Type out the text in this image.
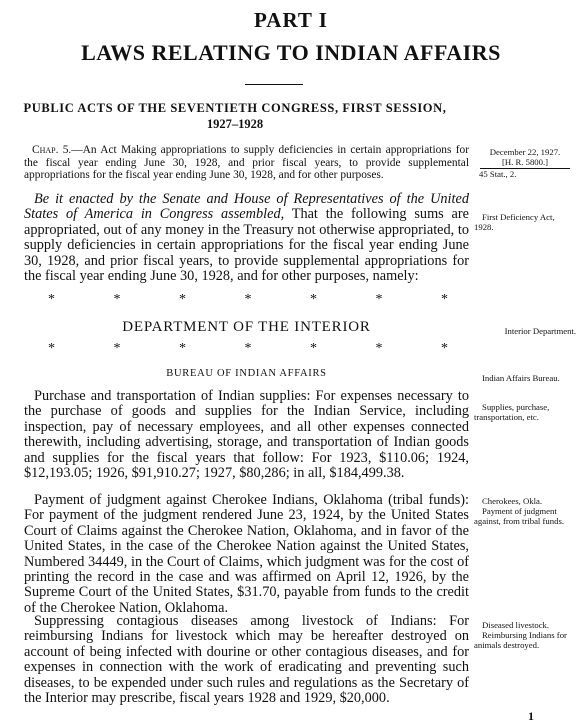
PART I
LAWS RELATING TO INDIAN AFFAIRS
PUBLIC ACTS OF THE SEVENTIETH CONGRESS, FIRST SESSION,
1927–1928
Chap. 5.—An Act Making appropriations to supply deficiencies in certain appropriations for the fiscal year ending June 30, 1928, and prior fiscal years, to provide supplemental appropriations for the fiscal year ending June 30, 1928, and for other purposes.
Be it enacted by the Senate and House of Representatives of the United States of America in Congress assembled, That the following sums are appropriated, out of any money in the Treasury not otherwise appropriated, to supply deficiencies in certain appropriations for the fiscal year ending June 30, 1928, and prior fiscal years, to provide supplemental appropriations for the fiscal year ending June 30, 1928, and for other purposes, namely:
*	*	*	*	*	*	*
DEPARTMENT OF THE INTERIOR
*	*	*	*	*	*	*
BUREAU OF INDIAN AFFAIRS
Purchase and transportation of Indian supplies: For expenses necessary to the purchase of goods and supplies for the Indian Service, including inspection, pay of necessary employees, and all other expenses connected therewith, including advertising, storage, and transportation of Indian goods and supplies for the fiscal years that follow: For 1923, $110.06; 1924, $12,193.05; 1926, $91,910.27; 1927, $80,286; in all, $184,499.38.
Payment of judgment against Cherokee Indians, Oklahoma (tribal funds): For payment of the judgment rendered June 23, 1924, by the United States Court of Claims against the Cherokee Nation, Oklahoma, and in favor of the United States, in the case of the Cherokee Nation against the United States, Numbered 34449, in the Court of Claims, which judgment was for the cost of printing the record in the case and was affirmed on April 12, 1926, by the Supreme Court of the United States, $31.70, payable from funds to the credit of the Cherokee Nation, Oklahoma.
Suppressing contagious diseases among livestock of Indians: For reimbursing Indians for livestock which may be hereafter destroyed on account of being infected with dourine or other contagious diseases, and for expenses in connection with the work of eradicating and preventing such diseases, to be expended under such rules and regulations as the Secretary of the Interior may prescribe, fiscal years 1928 and 1929, $20,000.

December 22, 1927.

[H. R. 5800.]

45 Stat., 2.

First Deficiency Act, 1928.
Interior Department.
Indian Affairs Bureau.
Supplies, purchase, transportation, etc.
Cherokees, Okla.
Payment of judgment against, from tribal funds.
Diseased livestock.
Reimbursing Indians for animals destroyed.
1
